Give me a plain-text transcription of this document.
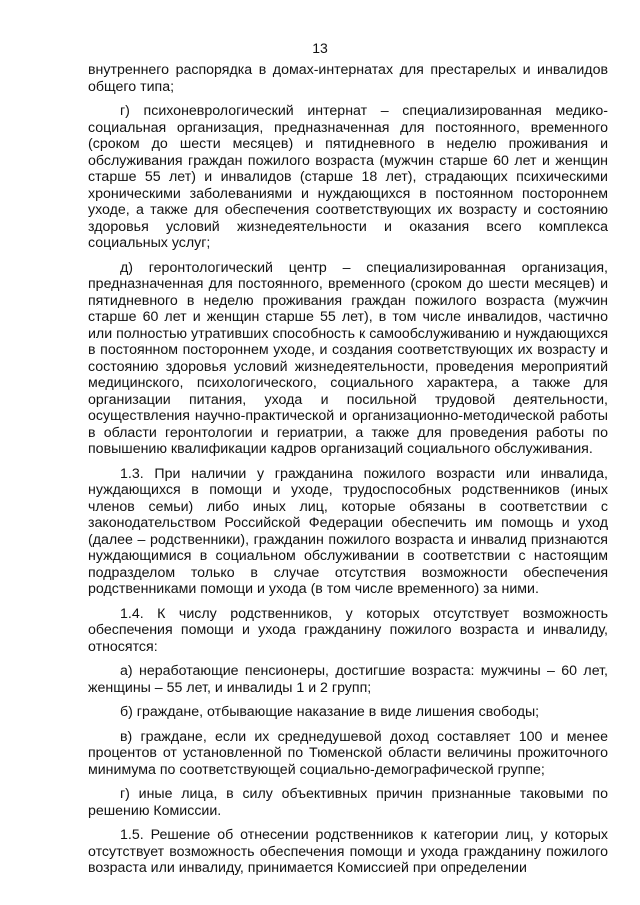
13

внутреннего распорядка в домах-интернатах для престарелых и инвалидов общего типа;

г) психоневрологический интернат – специализированная медико-социальная организация, предназначенная для постоянного, временного (сроком до шести месяцев) и пятидневного в неделю проживания и обслуживания граждан пожилого возраста (мужчин старше 60 лет и женщин старше 55 лет) и инвалидов (старше 18 лет), страдающих психическими хроническими заболеваниями и нуждающихся в постоянном постороннем уходе, а также для обеспечения соответствующих их возрасту и состоянию здоровья условий жизнедеятельности и оказания всего комплекса социальных услуг;

д) геронтологический центр – специализированная организация, предназначенная для постоянного, временного (сроком до шести месяцев) и пятидневного в неделю проживания граждан пожилого возраста (мужчин старше 60 лет и женщин старше 55 лет), в том числе инвалидов, частично или полностью утративших способность к самообслуживанию и нуждающихся в постоянном постороннем уходе, и создания соответствующих их возрасту и состоянию здоровья условий жизнедеятельности, проведения мероприятий медицинского, психологического, социального характера, а также для организации питания, ухода и посильной трудовой деятельности, осуществления научно-практической и организационно-методической работы в области геронтологии и гериатрии, а также для проведения работы по повышению квалификации кадров организаций социального обслуживания.

1.3. При наличии у гражданина пожилого возрасти или инвалида, нуждающихся в помощи и уходе, трудоспособных родственников (иных членов семьи) либо иных лиц, которые обязаны в соответствии с законодательством Российской Федерации обеспечить им помощь и уход (далее – родственники), гражданин пожилого возраста и инвалид признаются нуждающимися в социальном обслуживании в соответствии с настоящим подразделом только в случае отсутствия возможности обеспечения родственниками помощи и ухода (в том числе временного) за ними.

1.4. К числу родственников, у которых отсутствует возможность обеспечения помощи и ухода гражданину пожилого возраста и инвалиду, относятся:

а) неработающие пенсионеры, достигшие возраста: мужчины – 60 лет, женщины – 55 лет, и инвалиды 1 и 2 групп;

б) граждане, отбывающие наказание в виде лишения свободы;

в) граждане, если их среднедушевой доход составляет 100 и менее процентов от установленной по Тюменской области величины прожиточного минимума по соответствующей социально-демографической группе;

г) иные лица, в силу объективных причин признанные таковыми по решению Комиссии.

1.5. Решение об отнесении родственников к категории лиц, у которых отсутствует возможность обеспечения помощи и ухода гражданину пожилого возраста или инвалиду, принимается Комиссией при определении
